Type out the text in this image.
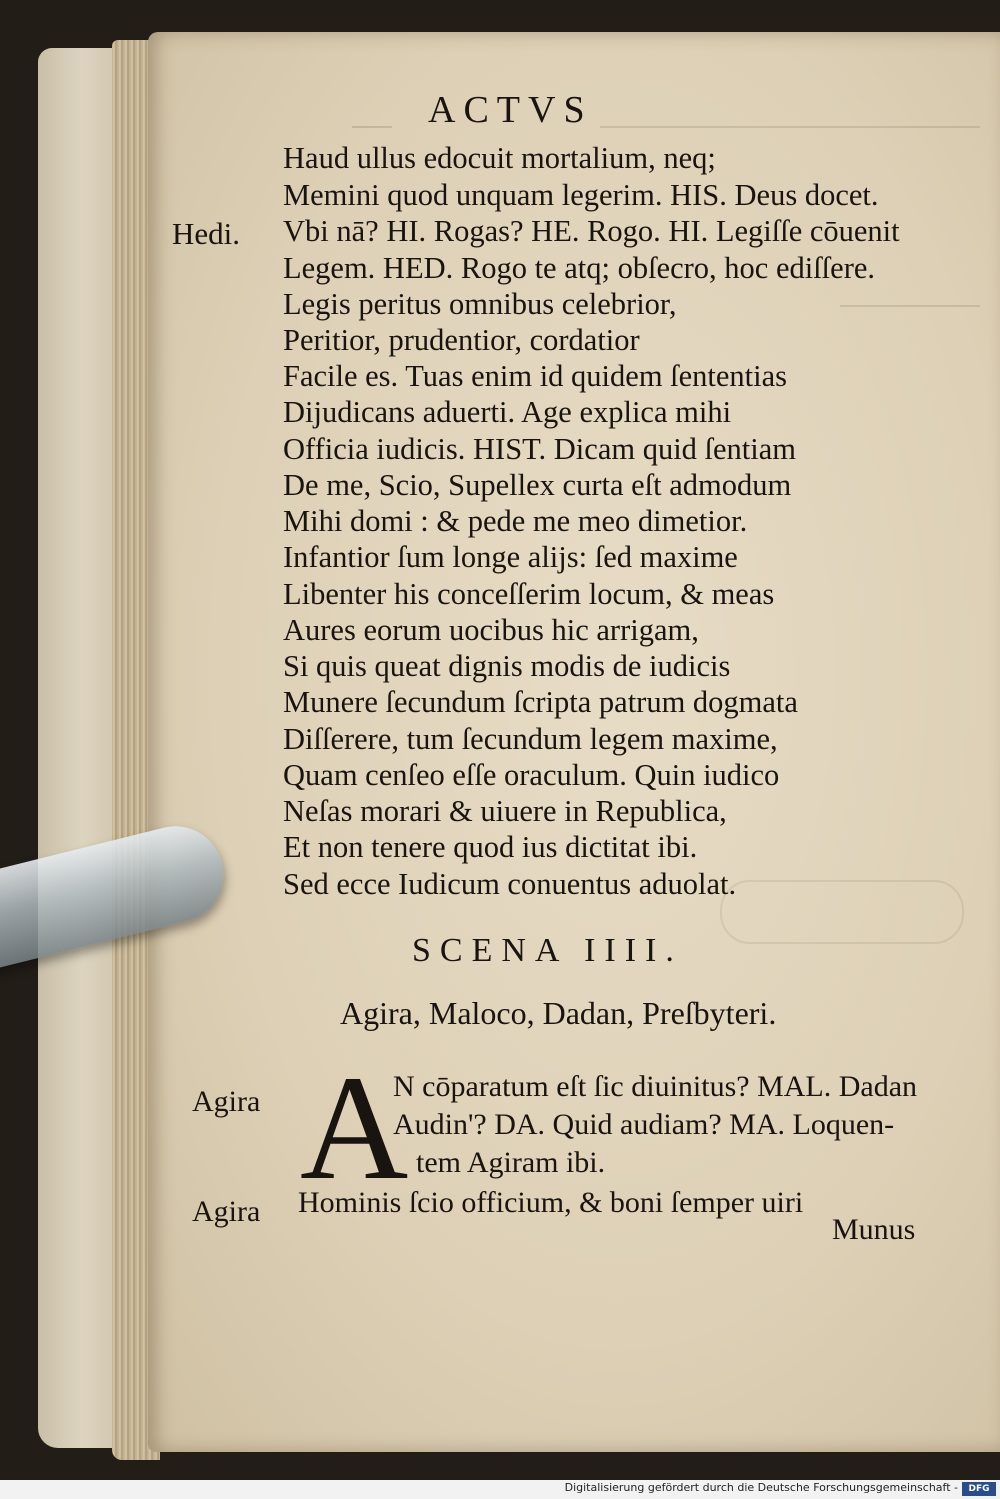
ACTVS
Hedi.
Haud ullus edocuit mortalium, neq;
Memini quod unquam legerim. HIS. Deus docet.
Vbi nā? HI. Rogas? HE. Rogo. HI. Legiſſe cōuenit
Legem. HED. Rogo te atq; obſecro, hoc ediſſere.
Legis peritus omnibus celebrior,
Peritior, prudentior, cordatior
Facile es. Tuas enim id quidem ſententias
Dijudicans aduerti. Age explica mihi
Officia iudicis. HIST. Dicam quid ſentiam
De me, Scio, Supellex curta eſt admodum
Mihi domi : & pede me meo dimetior.
Infantior ſum longe alijs: ſed maxime
Libenter his conceſſerim locum, & meas
Aures eorum uocibus hic arrigam,
Si quis queat dignis modis de iudicis
Munere ſecundum ſcripta patrum dogmata
Diſſerere, tum ſecundum legem maxime,
Quam cenſeo eſſe oraculum. Quin iudico
Neſas morari & uiuere in Republica,
Et non tenere quod ius dictitat ibi.
Sed ecce Iudicum conuentus aduolat.
SCENA IIII.
Agira, Maloco, Dadan, Preſbyteri.
Agira A
N cōparatum eſt ſic diuinitus? MAL. Dadan
Audin'? DA. Quid audiam? MA. Loquen-
tem Agiram ibi.
Agira Hominis ſcio officium, & boni ſemper uiri
Munus
Digitalisierung gefördert durch die Deutsche Forschungsgemeinschaft -	DFG
